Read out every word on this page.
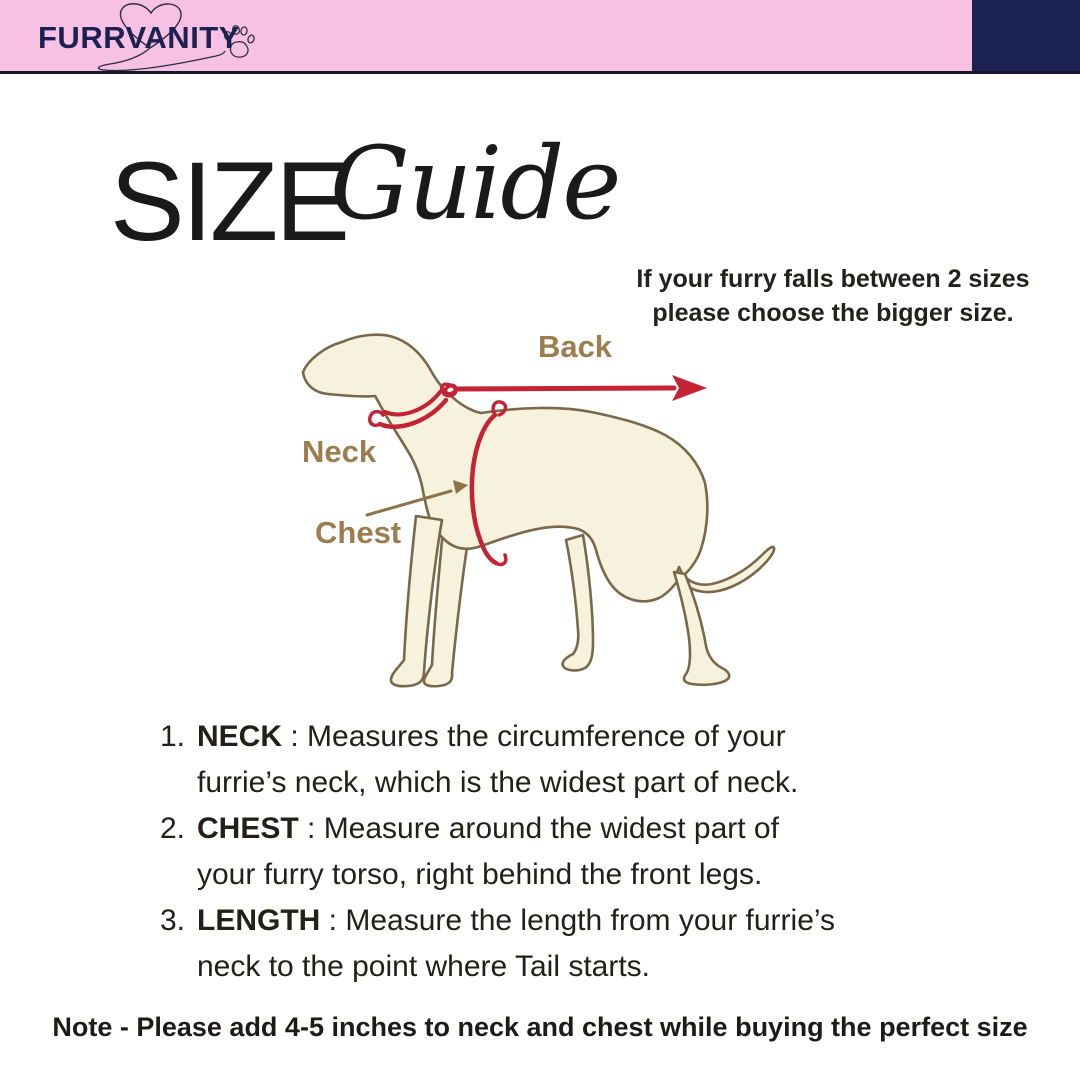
FURRVANITY
SIZE
Guide
If your furry falls between 2 sizes
please choose the bigger size.
Back
Neck
Chest
1. NECK : Measures the circumference of your
furrie’s neck, which is the widest part of neck.
2. CHEST : Measure around the widest part of
your furry torso, right behind the front legs.
3. LENGTH : Measure the length from your furrie’s
neck to the point where Tail starts.
Note - Please add 4-5 inches to neck and chest while buying the perfect size
